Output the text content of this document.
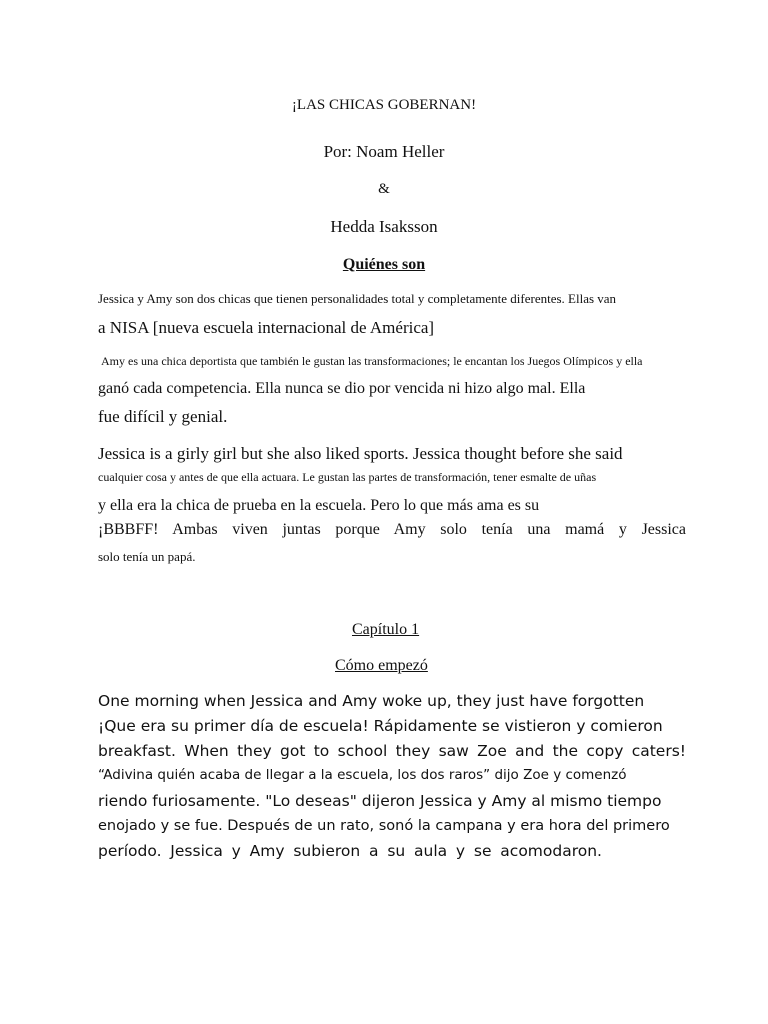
¡LAS CHICAS GOBERNAN!
Por: Noam Heller
&
Hedda Isaksson
Quiénes son
Jessica y Amy son dos chicas que tienen personalidades total y completamente diferentes. Ellas van
a NISA [nueva escuela internacional de América]
Amy es una chica deportista que también le gustan las transformaciones; le encantan los Juegos Olímpicos y ella
ganó cada competencia. Ella nunca se dio por vencida ni hizo algo mal. Ella
fue difícil y genial.
Jessica is a girly girl but she also liked sports. Jessica thought before she said
cualquier cosa y antes de que ella actuara. Le gustan las partes de transformación, tener esmalte de uñas
y ella era la chica de prueba en la escuela. Pero lo que más ama es su
¡BBBFF! Ambas viven juntas porque Amy solo tenía una mamá y Jessica
solo tenía un papá.
Capítulo 1
Cómo empezó
One morning when Jessica and Amy woke up, they just have forgotten
¡Que era su primer día de escuela! Rápidamente se vistieron y comieron
breakfast. When they got to school they saw Zoe and the copy caters!
“Adivina quién acaba de llegar a la escuela, los dos raros” dijo Zoe y comenzó
riendo furiosamente. "Lo deseas" dijeron Jessica y Amy al mismo tiempo
enojado y se fue. Después de un rato, sonó la campana y era hora del primero
período. Jessica y Amy subieron a su aula y se acomodaron.
